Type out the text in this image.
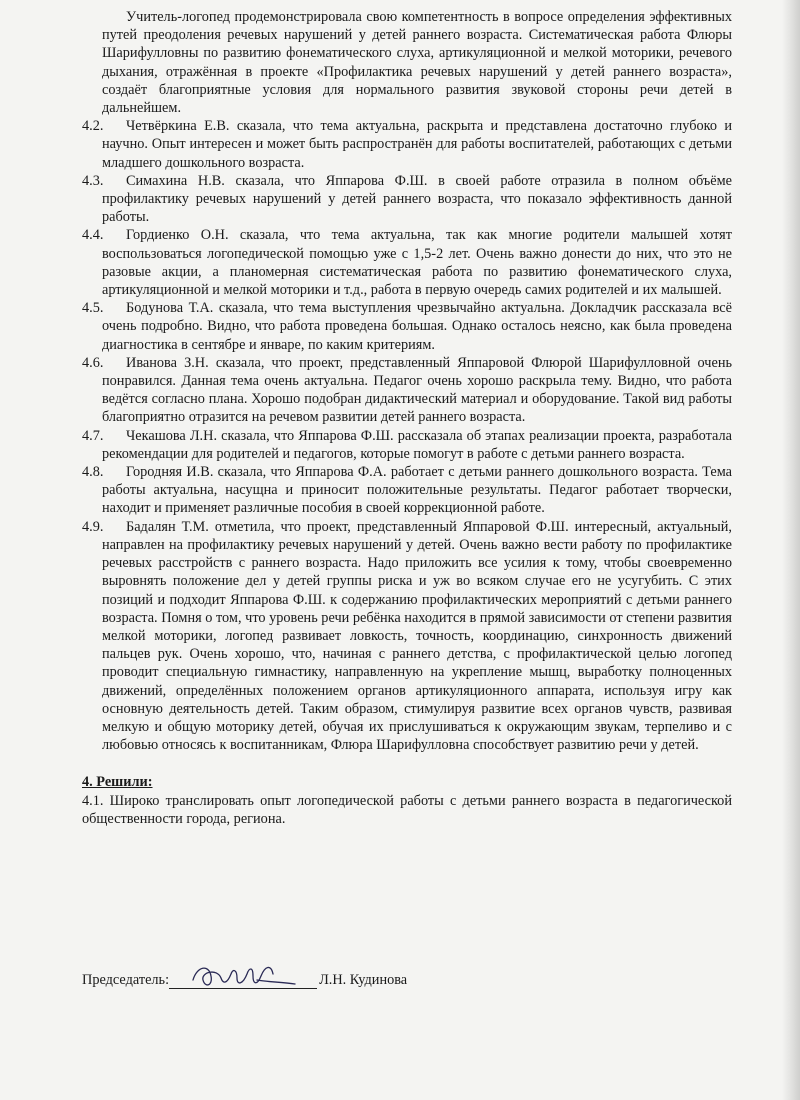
Учитель-логопед продемонстрировала свою компетентность в вопросе определения эффективных путей преодоления речевых нарушений у детей раннего возраста. Систематическая работа Флюры Шарифулловны по развитию фонематического слуха, артикуляционной и мелкой моторики, речевого дыхания, отражённая в проекте «Профилактика речевых нарушений у детей раннего возраста», создаёт благоприятные условия для нормального развития звуковой стороны речи детей в дальнейшем.

4.2.	Четвёркина Е.В. сказала, что тема актуальна, раскрыта и представлена достаточно глубоко и научно. Опыт интересен и может быть распространён для работы воспитателей, работающих с детьми младшего дошкольного возраста.

4.3.	Симахина Н.В. сказала, что Яппарова Ф.Ш. в своей работе отразила в полном объёме профилактику речевых нарушений у детей раннего возраста, что показало эффективность данной работы.

4.4.	Гордиенко О.Н. сказала, что тема актуальна, так как многие родители малышей хотят воспользоваться логопедической помощью уже с 1,5-2 лет. Очень важно донести до них, что это не разовые акции, а планомерная систематическая работа по развитию фонематического слуха, артикуляционной и мелкой моторики и т.д., работа в первую очередь самих родителей и их малышей.

4.5.	Бодунова Т.А. сказала, что тема выступления чрезвычайно актуальна. Докладчик рассказала всё очень подробно. Видно, что работа проведена большая. Однако осталось неясно, как была проведена диагностика в сентябре и январе, по каким критериям.

4.6.	Иванова З.Н. сказала, что проект, представленный Яппаровой Флюрой Шарифулловной очень понравился. Данная тема очень актуальна. Педагог очень хорошо раскрыла тему. Видно, что работа ведётся согласно плана. Хорошо подобран дидактический материал и оборудование. Такой вид работы благоприятно отразится на речевом развитии детей раннего возраста.

4.7.	Чекашова Л.Н. сказала, что Яппарова Ф.Ш. рассказала об этапах реализации проекта, разработала рекомендации для родителей и педагогов, которые помогут в работе с детьми раннего возраста.

4.8.	Городняя И.В. сказала, что Яппарова Ф.А. работает с детьми раннего дошкольного возраста. Тема работы актуальна, насущна и приносит положительные результаты. Педагог работает творчески, находит и применяет различные пособия в своей коррекционной работе.

4.9.	Бадалян Т.М. отметила, что проект, представленный Яппаровой Ф.Ш. интересный, актуальный, направлен на профилактику речевых нарушений у детей. Очень важно вести работу по профилактике речевых расстройств с раннего возраста. Надо приложить все усилия к тому, чтобы своевременно выровнять положение дел у детей группы риска и уж во всяком случае его не усугубить. С этих позиций и подходит Яппарова Ф.Ш. к содержанию профилактических мероприятий с детьми раннего возраста. Помня о том, что уровень речи ребёнка находится в прямой зависимости от степени развития мелкой моторики, логопед развивает ловкость, точность, координацию, синхронность движений пальцев рук. Очень хорошо, что, начиная с раннего детства, с профилактической целью логопед проводит специальную гимнастику, направленную на укрепление мышц, выработку полноценных движений, определённых положением органов артикуляционного аппарата, используя игру как основную деятельность детей. Таким образом, стимулируя развитие всех органов чувств, развивая мелкую и общую моторику детей, обучая их прислушиваться к окружающим звукам, терпеливо и с любовью относясь к воспитанникам, Флюра Шарифулловна способствует развитию речи у детей.

4. Решили:

4.1. Широко транслировать опыт логопедической работы с детьми раннего возраста в педагогической общественности города, региона.

Председатель:	Л.Н. Кудинова
